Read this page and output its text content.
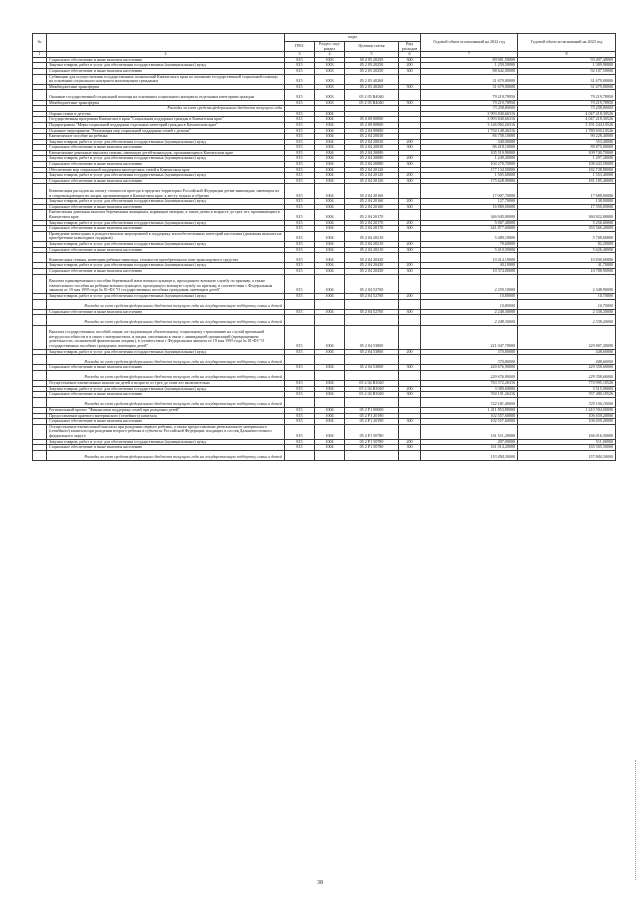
№		коды				Годовой объем ассигнований на 2022 год	Годовой объем ассигнований на 2023 год
		ГРБС	Раздел, под-раздел	Целевая статья	Вид расходов		
1	2	3	4	5	6	7	8
	Социальное обеспечение и иные выплаты населению	815	1003	05 2 05 20250	300	89 901,50000	93 497,40000
	Закупка товаров, работ и услуг для обеспечения государственных (муниципальных) нужд	815	1003	05 2 05 20250	200	1 259,50000	1 309,90000
	Социальное обеспечение и иные выплаты населению	815	1003	05 2 05 20250	300	88 642,00000	92 187,50000
	Субвенции для осуществления государственных полномочий Камчатского края по оказанию государственной социальной помощи на основании социального контракта малоимущим гражданам	815	1003	05 2 05 40260		31 679,00000	31 679,00000
	Межбюджетные трансферты	815	1003	05 2 05 40260	500	31 679,00000	31 679,00000
	Оказание государственной социальной помощи на основании социального контракта отдельным категориям граждан	815	1003	05 2 05 R4040		79 219,78950	79 219,78950
	Межбюджетные трансферты	815	1003	05 2 05 R4040	500	79 219,78950	79 219,78950
	Расходы за счет средств федерального бюджета текущего года					73 258,80000	73 258,80000
	Охрана семьи и детства	815	1004			3 993 840,66316	4 047 218,30526
	Государственная программа Камчатского края "Социальная поддержка граждан в Камчатском крае"	815	1004	05 0 00 00000		3 993 840,66316	4 047 218,30526
	Подпрограмма "Меры социальной поддержки отдельных категорий граждан в Камчатском крае"	815	1004	05 2 00 00000		3 146 002,26316	3 191 244,10526
	Основное мероприятие "Реализация мер социальной поддержки семей с детьми"	815	1004	05 2 04 00000		1 734 148,46316	1 780 650,10526
	Ежемесячное пособие на ребенка	815	1004	05 2 04 20030		86 758,10000	90 228,40000
	Закупка товаров, работ и услуг для обеспечения государственных (муниципальных) нужд	815	1004	05 2 04 20030	200	340,00000	353,40000
	Социальное обеспечение и иные выплаты населению	815	1004	05 2 04 20030	300	86 418,10000	89 875,00000
	Ежемесячные денежные выплаты семьям, имеющим детей-инвалидов, проживающим в Камчатском крае	815	1004	05 2 04 20080		105 519,90000	109 740,70000
	Закупка товаров, работ и услуг для обеспечения государственных (муниципальных) нужд	815	1004	05 2 04 20080	200	1 249,20000	1 297,20000
	Социальное обеспечение и иные выплаты населению	815	1004	05 2 04 20080	300	104 270,70000	108 443,50000
	Обеспечение мер социальной поддержки многодетных семей в Камчатском крае	815	1004	05 2 04 20120		177 134,50000	182 738,80000
	Закупка товаров, работ и услуг для обеспечения государственных (муниципальных) нужд	815	1004	05 2 04 20120	200	1 505,60000	1 553,40000
	Социальное обеспечение и иные выплаты населению	815	1004	05 2 04 20120	300	175 628,90000	181 185,40000
	Компенсация расходов на оплату стоимости проезда в пределах территории Российской Федерации детям-инвалидам, имеющим их и сопровождающим их лицам, проживающим в Камчатском крае, к месту отдыха и обратно	815	1004	05 2 04 20160		17 007,70000	17 688,00000
	Закупка товаров, работ и услуг для обеспечения государственных (муниципальных) нужд	815	1004	05 2 04 20160	200	127,70000	138,00000
	Социальное обеспечение и иные выплаты населению	815	1004	05 2 04 20160	300	16 880,00000	17 550,00000
	Ежемесячная денежная выплата беременным женщинам, кормящим матерям, а также детям в возрасте до трех лет, проживающим в Камчатском крае	815	1004	05 2 04 20170		346 945,00000	360 822,80000
	Закупка товаров, работ и услуг для обеспечения государственных (муниципальных) нужд	815	1004	05 2 04 20170	200	5 067,40000	5 256,60000
	Социальное обеспечение и иные выплаты населению	815	1004	05 2 04 20170	300	341 877,60000	355 566,20000
	Проведение новогодних и рождественских мероприятий в поддержку малообеспеченных категорий населения (денежная выплата на приобретение новогодних подарков)	815	1004	05 2 04 20210		5 489,10000	5 708,60000
	Закупка товаров, работ и услуг для обеспечения государственных (муниципальных) нужд	815	1004	05 2 04 20210	200	78,60000	82,20000
	Социальное обеспечение и иные выплаты населению	815	1004	05 2 04 20210	300	5 410,50000	5 626,40000
	Компенсация семьям, имеющим ребенка-инвалида, стоимости приобретенного ими транспортного средства	815	1004	05 2 04 20430		10 414,10000	10 830,60000
	Закупка товаров, работ и услуг для обеспечения государственных (муниципальных) нужд	815	1004	05 2 04 20430	200	40,10000	41,70000
	Социальное обеспечение и иные выплаты населению	815	1004	05 2 04 20430	300	10 374,00000	10 788,90000
	Выплата единовременного пособия беременной жене военнослужащего, проходящего военную службу по призыву, а также ежемесячного пособия на ребенка военнослужащего, проходящего военную службу по призыву, в соответствии с Федеральным законом от 19 мая 1995 года № 81-ФЗ "О государственных пособиях гражданам, имеющим детей"	815	1004	05 2 04 52700		2 259,10000	2 348,90000
	Закупка товаров, работ и услуг для обеспечения государственных (муниципальных) нужд	815	1004	05 2 04 52700	200	10,80000	10,70000
	Расходы за счет средств федерального бюджета текущего года на государственную поддержку семьи и детей					10,80000	10,70000
	Социальное обеспечение и иные выплаты населению	815	1004	05 2 04 52700	300	2 248,30000	2 338,20000
	Расходы за счет средств федерального бюджета текущего года на государственную поддержку семьи и детей					2 248,30000	2 338,20000
	Выплата государственных пособий лицам, не подлежащим обязательному социальному страхованию на случай временной нетрудоспособности и в связи с материнством, и лицам, уволенным в связи с ликвидацией организаций (прекращением деятельности, полномочий физическими лицами), в соответствии с Федеральным законом от 19 мая 1995 года № 81-ФЗ "О государственных пособиях гражданам, имеющим детей"	815	1004	05 2 04 53800		221 047,70000	229 807,20000
	Закупка товаров, работ и услуг для обеспечения государственных (муниципальных) нужд	815	1004	05 2 04 53800	200	370,80000	448,60000
	Расходы за счет средств федерального бюджета текущего года на государственную поддержку семьи и детей					370,80000	448,60000
	Социальное обеспечение и иные выплаты населению	815	1004	05 2 04 53800	300	220 676,90000	229 358,60000
	Расходы за счет средств федерального бюджета текущего года на государственную поддержку семьи и детей					220 676,90000	229 358,60000
	Осуществление ежемесячных выплат на детей в возрасте от трех до семи лет включительно	815	1004	05 2 04 R3020		763 572,26316	770 995,10526
	Закупка товаров, работ и услуг для обеспечения государственных (муниципальных) нужд	815	1004	05 2 04 R3020	200	3 380,60000	3 515,00000
	Социальное обеспечение и иные выплаты населению	815	1004	05 2 04 R3020	300	760 191,26316	767 480,10526
	Расходы за счет средств федерального бюджета текущего года на государственную поддержку семьи и детей					722 181,40000	729 106,10000
	Региональный проект "Финансовая поддержка семей при рождении детей"	815	1004	05 2 P1 00000		1 411 853,80000	1 410 594,00000
	Предоставление краевого материнского (семейного) капитала	815	1004	05 2 P1 20190		102 557,60000	106 659,20000
	Социальное обеспечение и иные выплаты населению	815	1004	05 2 P1 20190	300	102 557,60000	106 659,20000
	Осуществление ежемесячной выплаты при рождении первого ребенка, а также предоставление регионального материнского (семейного) капитала при рождении второго ребенка в субъектах Российской Федерации, входящих в состав Дальневосточного федерального округа	815	1004	05 2 P1 50780		161 511,20000	166 016,50000
	Закупка товаров, работ и услуг для обеспечения государственных (муниципальных) нужд	815	1004	05 2 P1 50780	200	497,00000	511,00000
	Социальное обеспечение и иные выплаты населению	815	1004	05 2 P1 50780	300	161 014,20000	165 505,50000
	Расходы за счет средств федерального бюджета текущего года на государственную поддержку семьи и детей					153 494,30000	157 844,30000
38
